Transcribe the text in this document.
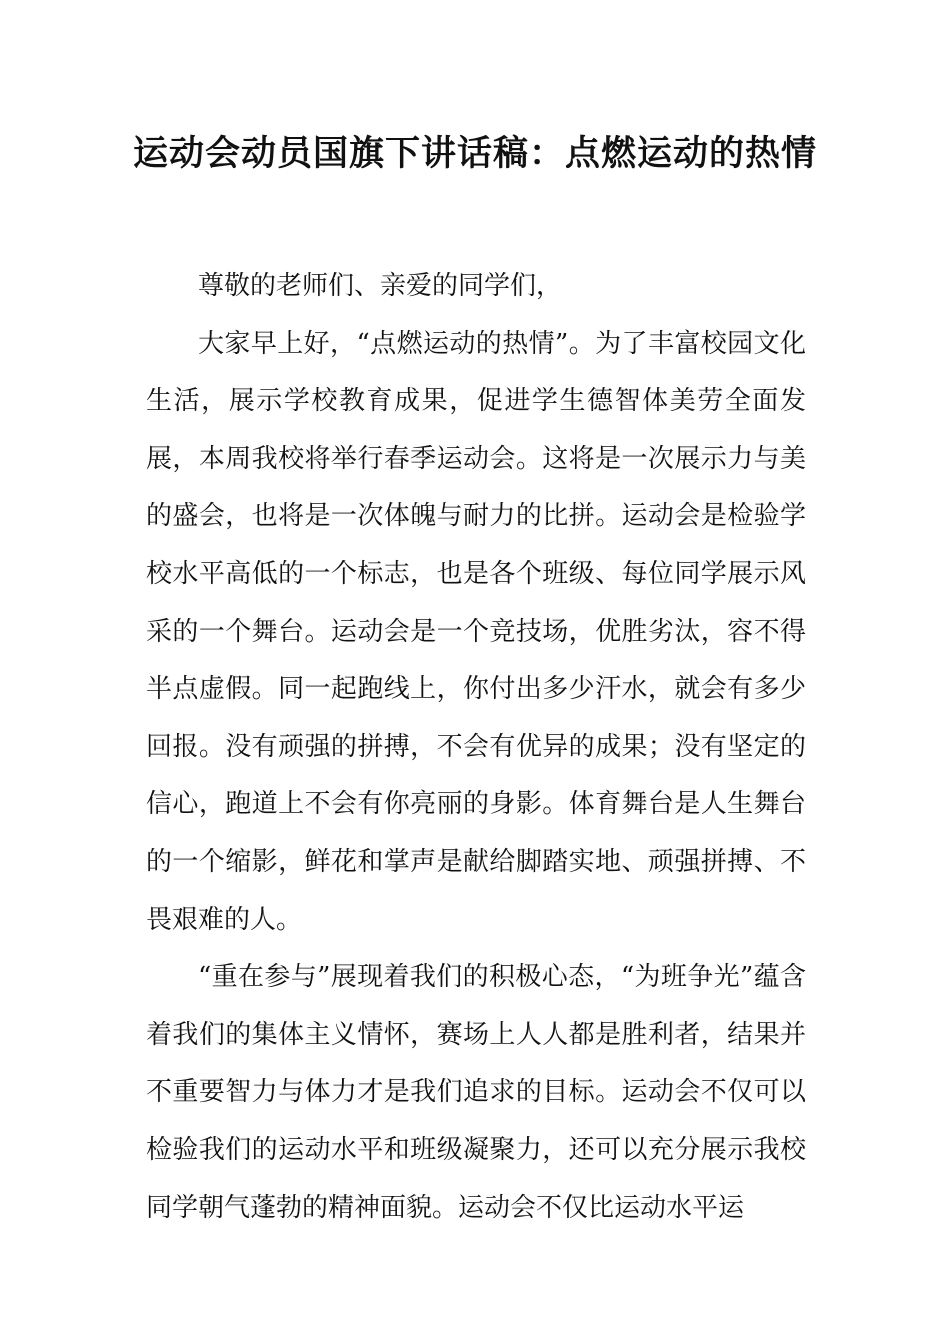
运动会动员国旗下讲话稿：点燃运动的热情

尊敬的老师们、亲爱的同学们，

大家早上好，“点燃运动的热情”。为了丰富校园文化生活，展示学校教育成果，促进学生德智体美劳全面发展，本周我校将举行春季运动会。这将是一次展示力与美的盛会，也将是一次体魄与耐力的比拼。运动会是检验学校水平高低的一个标志，也是各个班级、每位同学展示风采的一个舞台。运动会是一个竞技场，优胜劣汰，容不得半点虚假。同一起跑线上，你付出多少汗水，就会有多少回报。没有顽强的拼搏，不会有优异的成果；没有坚定的信心，跑道上不会有你亮丽的身影。体育舞台是人生舞台的一个缩影，鲜花和掌声是献给脚踏实地、顽强拼搏、不畏艰难的人。

“重在参与”展现着我们的积极心态，“为班争光”蕴含着我们的集体主义情怀，赛场上人人都是胜利者，结果并不重要智力与体力才是我们追求的目标。运动会不仅可以检验我们的运动水平和班级凝聚力，还可以充分展示我校同学朝气蓬勃的精神面貌。运动会不仅比运动水平运
